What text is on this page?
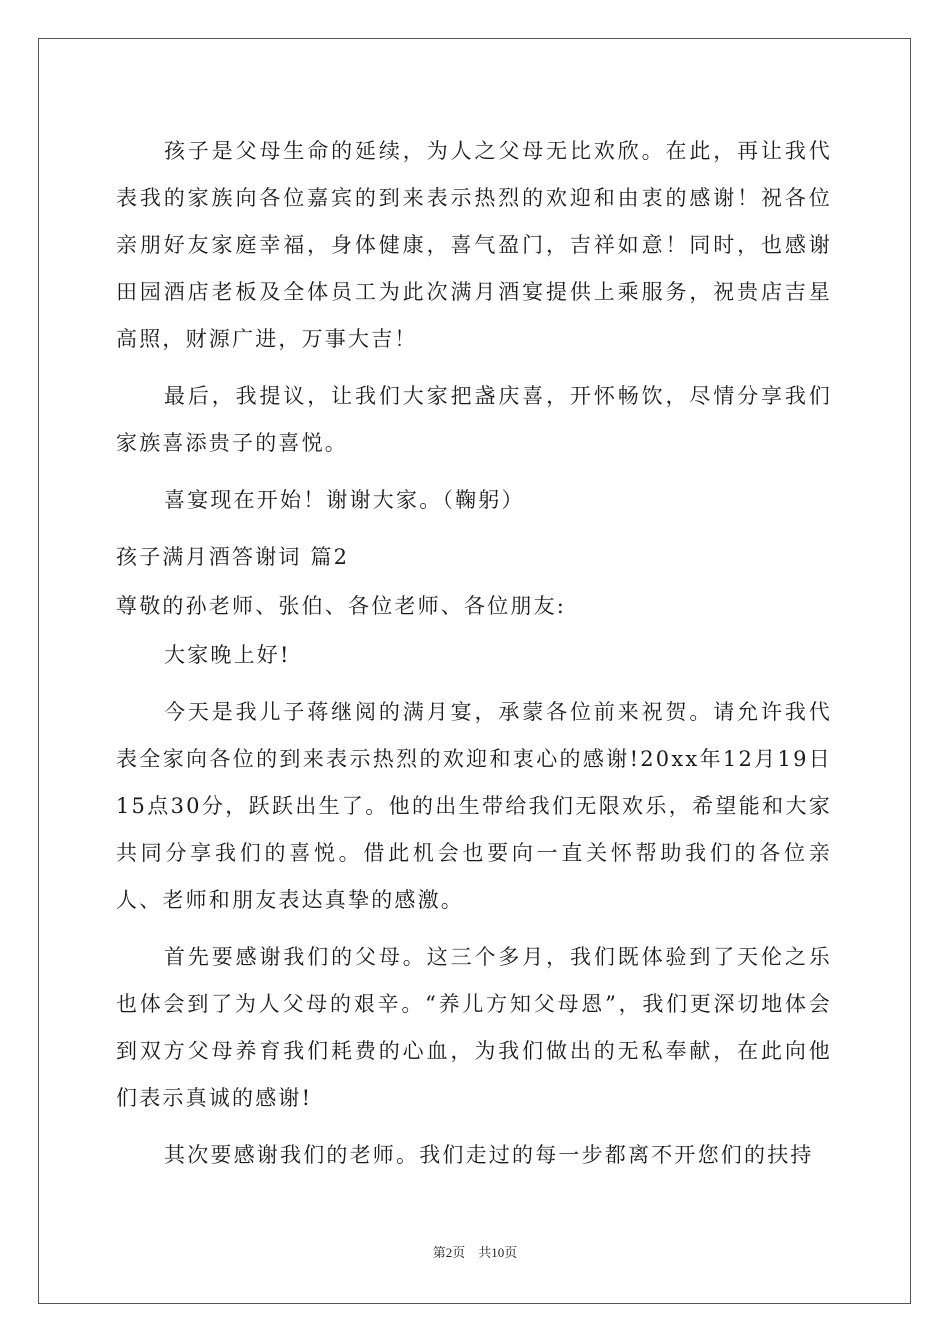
孩子是父母生命的延续，为人之父母无比欢欣。在此，再让我代表我的家族向各位嘉宾的到来表示热烈的欢迎和由衷的感谢！祝各位亲朋好友家庭幸福，身体健康，喜气盈门，吉祥如意！同时，也感谢田园酒店老板及全体员工为此次满月酒宴提供上乘服务，祝贵店吉星高照，财源广进，万事大吉！

最后，我提议，让我们大家把盏庆喜，开怀畅饮，尽情分享我们家族喜添贵子的喜悦。

喜宴现在开始！谢谢大家。（鞠躬）

孩子满月酒答谢词 篇2

尊敬的孙老师、张伯、各位老师、各位朋友:

大家晚上好!

今天是我儿子蒋继阅的满月宴，承蒙各位前来祝贺。请允许我代表全家向各位的到来表示热烈的欢迎和衷心的感谢!20xx年12月19日15点30分，跃跃出生了。他的出生带给我们无限欢乐，希望能和大家共同分享我们的喜悦。借此机会也要向一直关怀帮助我们的各位亲人、老师和朋友表达真挚的感激。

首先要感谢我们的父母。这三个多月，我们既体验到了天伦之乐也体会到了为人父母的艰辛。“养儿方知父母恩”，我们更深切地体会到双方父母养育我们耗费的心血，为我们做出的无私奉献，在此向他们表示真诚的感谢!

其次要感谢我们的老师。我们走过的每一步都离不开您们的扶持

第2页　共10页
